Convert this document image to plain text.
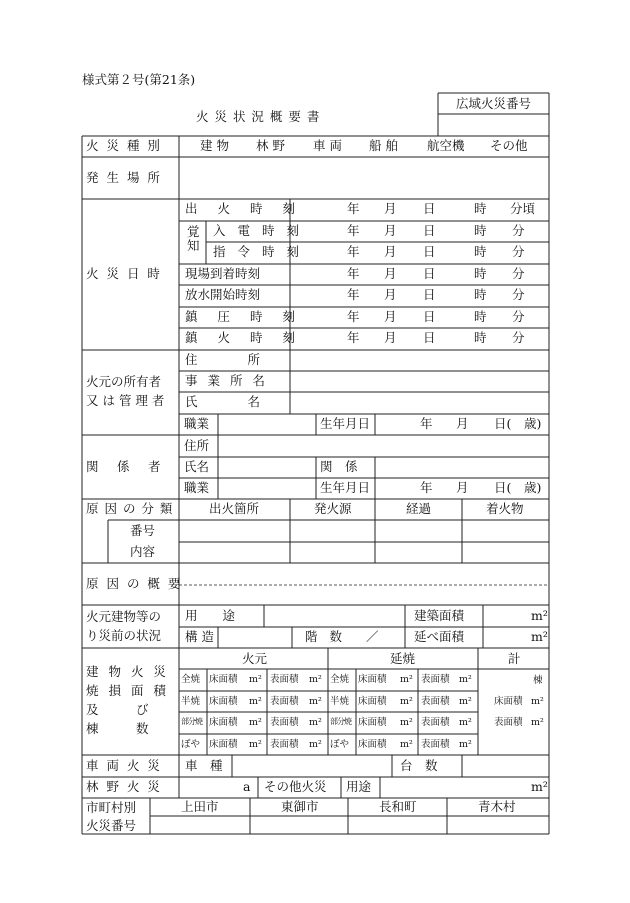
様式第２号(第21条)
火 災 状 況 概 要 書
広域火災番号
火 災 種 別	建 物 林 野 車 両 船 舶 航空機 その他
発 生 場 所
火 災 日 時
覚知
出 火 時 刻	年 月 日	時 分頃
入 電 時 刻	年 月 日	時 分
指 令 時 刻	年 月 日	時 分
現場到着時刻	年 月 日	時 分
放水開始時刻	年 月 日	時 分
鎮 圧 時 刻	年 月 日	時 分
鎮 火 時 刻	年 月 日	時 分
火元の所有者
又 は 管 理 者
住　　　　所
事 業 所 名
氏　　　　名
職業	生年月日	年 月 日( 歳)
関　係　者
住所
氏名	関　係
職業	生年月日	年 月 日( 歳)
原 因 の 分 類	出火箇所	発火源	経過	着火物
番号
内容
原 因 の 概 要
火元建物等の
り災前の状況
用　　途
構 造	階 数 ／
建築面積	m²
延べ面積	m²
建 物 火 災
焼 損 面 積
及　　　び
棟　　　数
火元	延焼	計
全焼 床面積 m² 表面積 m² 全焼 床面積 m² 表面積 m²
半焼 床面積 m² 表面積 m² 半焼 床面積 m² 表面積 m²
部分焼 床面積 m² 表面積 m² 部分焼 床面積 m² 表面積 m²
ぼや 床面積 m² 表面積 m² ぼや 床面積 m² 表面積 m²
棟
床面積 m²
表面積 m²
車 両 火 災 車　種	台　数
林 野 火 災	a その他火災 用途	m²
市町村別
火災番号
上田市	東御市	長和町	青木村
